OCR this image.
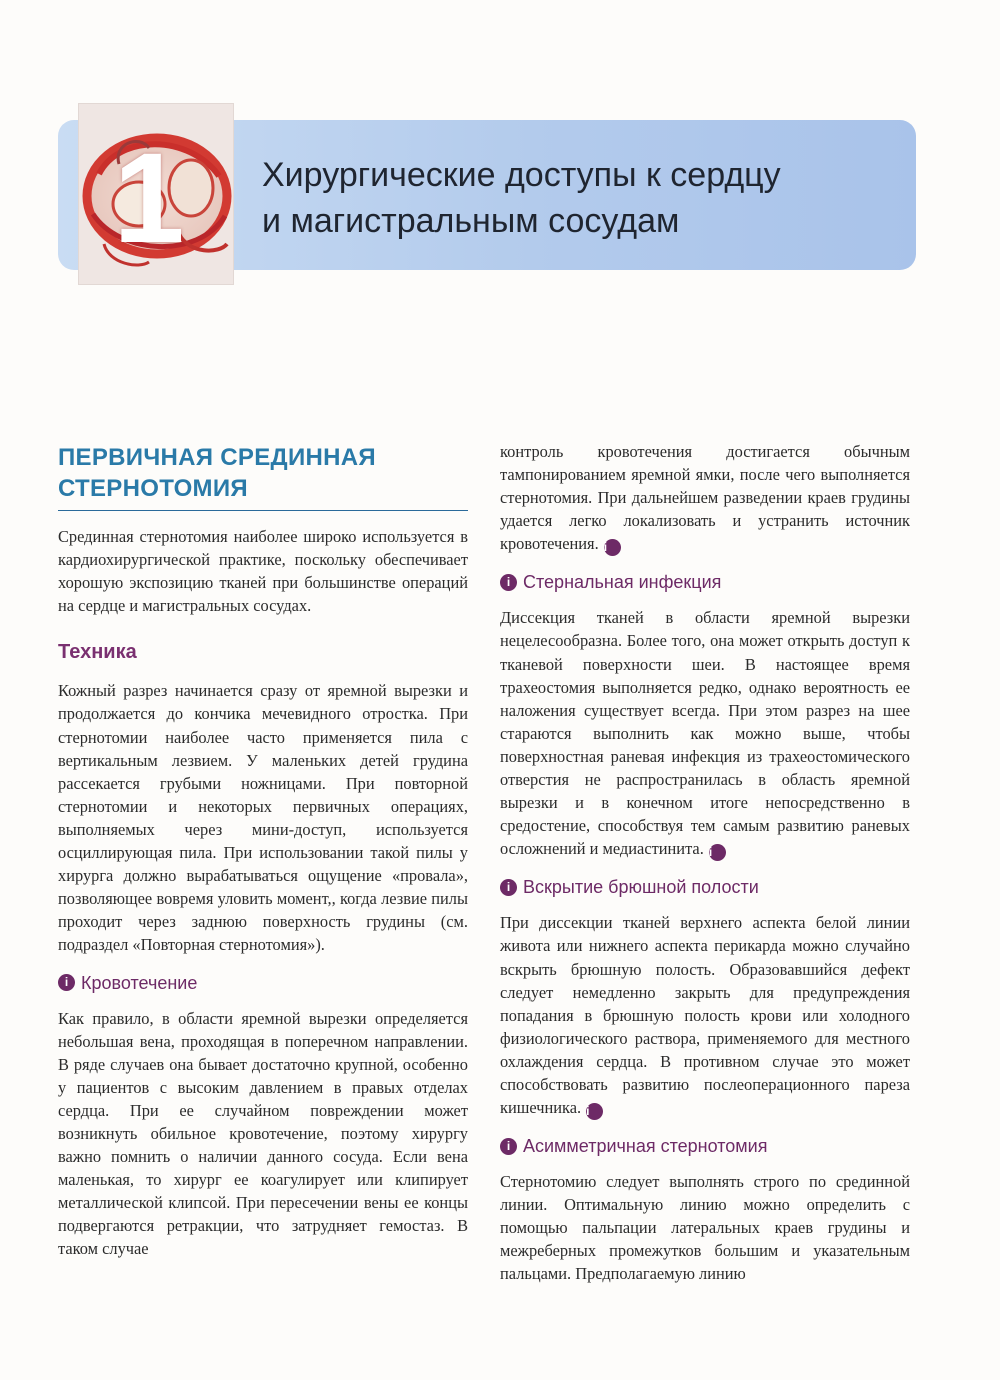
1 Хирургические доступы к сердцу
и магистральным сосудам
ПЕРВИЧНАЯ СРЕДИННАЯ
СТЕРНОТОМИЯ

Срединная стернотомия наиболее широко используется в кардиохирургической практике, поскольку обеспечивает хорошую экспозицию тканей при большинстве операций на сердце и магистральных сосудах.

Техника

Кожный разрез начинается сразу от яремной вырезки и продолжается до кончика мечевидного отростка. При стернотомии наиболее часто применяется пила с вертикальным лезвием. У маленьких детей грудина рассекается грубыми ножницами. При повторной стернотомии и некоторых первичных операциях, выполняемых через мини-доступ, используется осциллирующая пила. При использовании такой пилы у хирурга должно вырабатываться ощущение «провала», позволяющее вовремя уловить момент,, когда лезвие пилы проходит через заднюю поверхность грудины (см. подраздел «Повторная стернотомия»).

i Кровотечение

Как правило, в области яремной вырезки определяется небольшая вена, проходящая в поперечном направлении. В ряде случаев она бывает достаточно крупной, особенно у пациентов с высоким давлением в правых отделах сердца. При ее случайном повреждении может возникнуть обильное кровотечение, поэтому хирургу важно помнить о наличии данного сосуда. Если вена маленькая, то хирург ее коагулирует или клипирует металлической клипсой. При пересечении вены ее концы подвергаются ретракции, что затрудняет гемостаз. В таком случае

контроль кровотечения достигается обычным тампонированием яремной ямки, после чего выполняется стернотомия. При дальнейшем разведении краев грудины удается легко локализовать и устранить источник кровотечения. i

i Стернальная инфекция

Диссекция тканей в области яремной вырезки нецелесообразна. Более того, она может открыть доступ к тканевой поверхности шеи. В настоящее время трахеостомия выполняется редко, однако вероятность ее наложения существует всегда. При этом разрез на шее стараются выполнить как можно выше, чтобы поверхностная раневая инфекция из трахеостомического отверстия не распространилась в область яремной вырезки и в конечном итоге непосредственно в средостение, способствуя тем самым развитию раневых осложнений и медиастинита. i

i Вскрытие брюшной полости

При диссекции тканей верхнего аспекта белой линии живота или нижнего аспекта перикарда можно случайно вскрыть брюшную полость. Образовавшийся дефект следует немедленно закрыть для предупреждения попадания в брюшную полость крови или холодного физиологического раствора, применяемого для местного охлаждения сердца. В противном случае это может способствовать развитию послеоперационного пареза кишечника. i

i Асимметричная стернотомия

Стернотомию следует выполнять строго по срединной линии. Оптимальную линию можно определить с помощью пальпации латеральных краев грудины и межреберных промежутков большим и указательным пальцами. Предполагаемую линию
